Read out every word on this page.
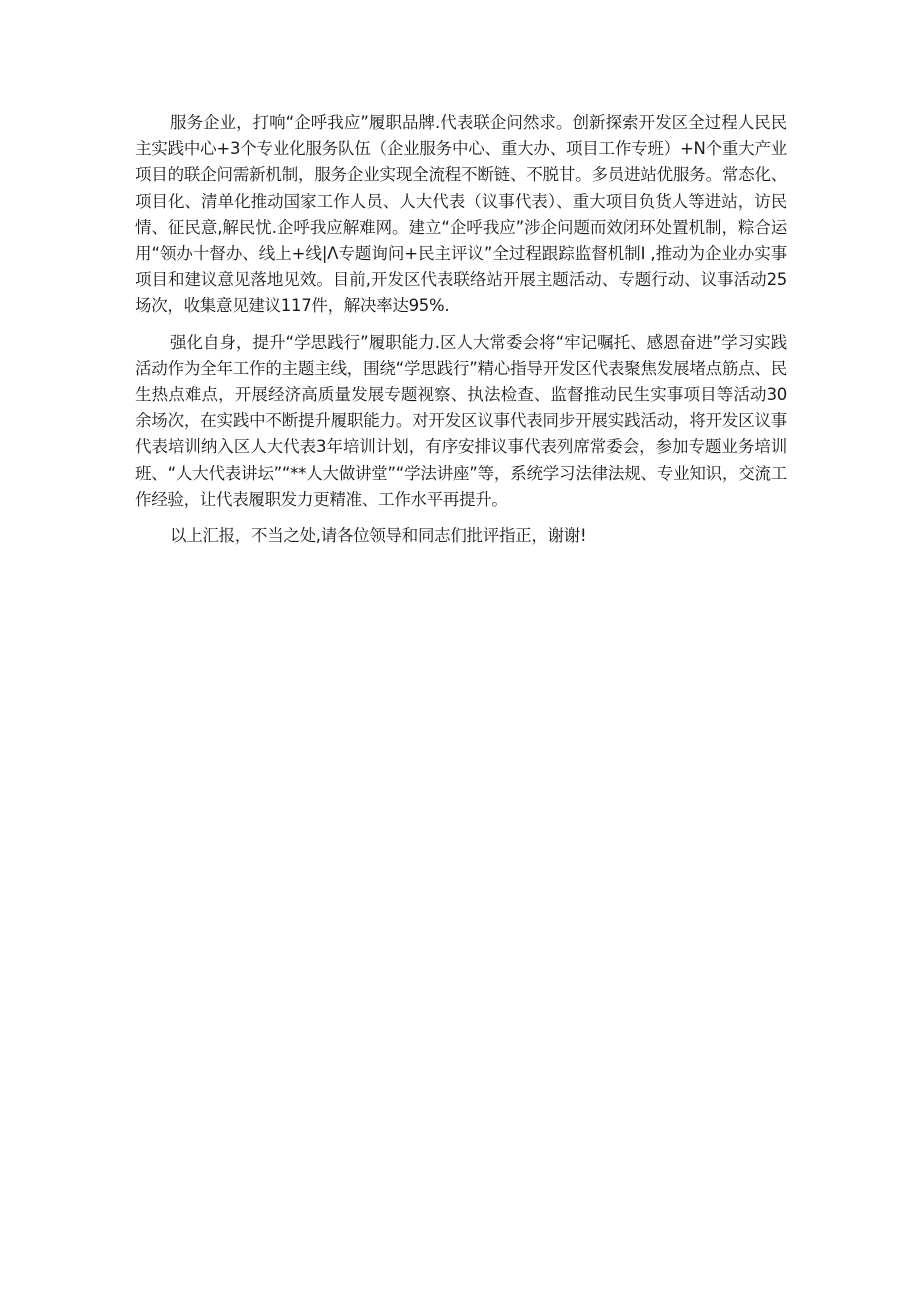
服务企业，打响“企呼我应”履职品牌.代表联企问然求。创新探索开发区全过程人民民主实践中心+3个专业化服务队伍（企业服务中心、重大办、项目工作专班）+N个重大产业项目的联企问需新机制，服务企业实现全流程不断链、不脱甘。多员进站优服务。常态化、项目化、清单化推动国家工作人员、人大代表（议事代表）、重大项目负货人等进站，访民情、征民意,解民忧.企呼我应解难网。建立“企呼我应”涉企问题而效闭环处置机制，粽合运用“领办十督办、线上+线|Λ专题询问+民主评议”全过程跟踪监督机制I ,推动为企业办实事项目和建议意见落地见效。目前,开发区代表联络站开展主题活动、专题行动、议事活动25场次，收集意见建议117件，解决率达95%.

强化自身，提升“学思践行”履职能力.区人大常委会将“牢记嘱托、感恩奋进”学习实践活动作为全年工作的主题主线，围绕“学思践行”精心指导开发区代表聚焦发展堵点筋点、民生热点难点，开展经济高质量发展专题视察、执法检查、监督推动民生实事项目等活动30余场次，在实践中不断提升履职能力。对开发区议事代表同步开展实践活动，将开发区议事代表培训纳入区人大代表3年培训计划，有序安排议事代表列席常委会，参加专题业务培训班、“人大代表讲坛”“**人大做讲堂”“学法讲座”等，系统学习法律法规、专业知识，交流工作经验，让代表履职发力更精准、工作水平再提升。

以上汇报，不当之处,请各位领导和同志们批评指正，谢谢!
